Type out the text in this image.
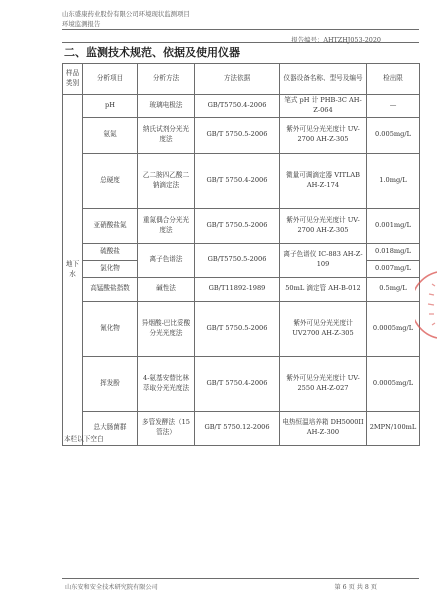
山东盛康药业股份有限公司环境现状监测项目
环境监测报告
报告编号：AHTZHJ053-2020
二、监测技术规范、依据及使用仪器
样品类别	分析项目	分析方法	方法依据	仪器设备名称、型号及编号	检出限
地下水	pH	玻璃电极法	GB/T5750.4-2006	笔式 pH 计 PHB-3C AH-Z-064	—
	氨氮	纳氏试剂分光光度法	GB/T 5750.5-2006	紫外可见分光光度计 UV-2700 AH-Z-305	0.005mg/L
	总硬度	乙二胺四乙酸二钠滴定法	GB/T 5750.4-2006	微量可调滴定器 VITLAB AH-Z-174	1.0mg/L
	亚硝酸盐氮	重氮偶合分光光度法	GB/T 5750.5-2006	紫外可见分光光度计 UV-2700 AH-Z-305	0.001mg/L
	硫酸盐	离子色谱法	GB/T5750.5-2006	离子色谱仪 IC-883 AH-Z-109	0.018mg/L
	氯化物				0.007mg/L
	高锰酸盐指数	碱性法	GB/T11892-1989	50mL 滴定管 AH-B-012	0.5mg/L
	氰化物	异烟酸-巴比妥酸分光光度法	GB/T 5750.5-2006	紫外可见分光光度计 UV2700 AH-Z-305	0.0005mg/L
	挥发酚	4-氨基安替比林萃取分光光度法	GB/T 5750.4-2006	紫外可见分光光度计 UV-2550 AH-Z-027	0.0005mg/L
	总大肠菌群	多管发酵法（15管法）	GB/T 5750.12-2006	电热恒温培养箱 DH5000II AH-Z-300	2MPN/100mL
本栏以下空白
山东安和安全技术研究院有限公司	第 6 页 共 8 页
